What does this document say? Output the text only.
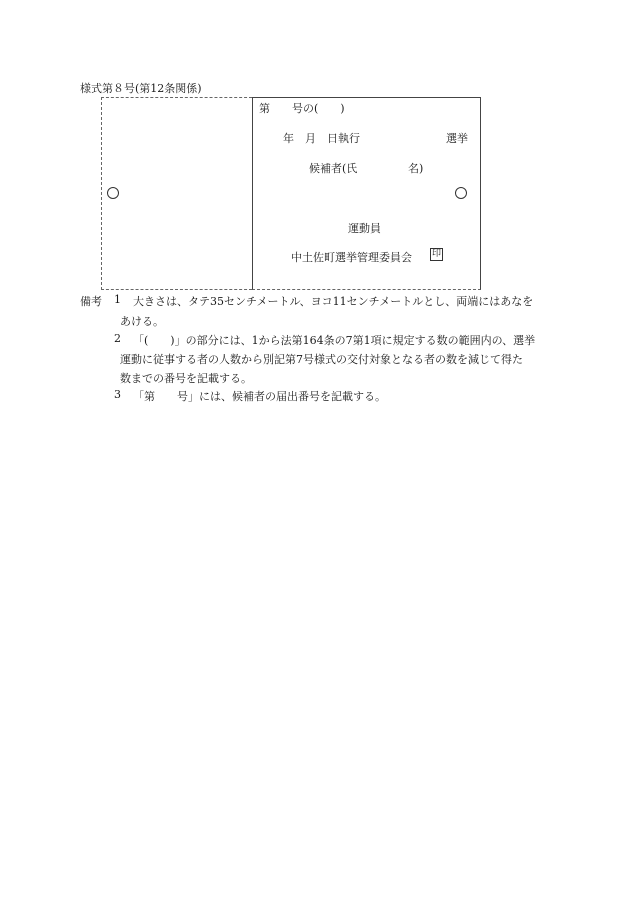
様式第８号(第12条関係)
第　　号の(　　)
年　月　日執行	選挙
候補者(氏	名)
運動員
中土佐町選挙管理委員会 印
備考 1 大きさは、タテ35センチメートル、ヨコ11センチメートルとし、両端にはあなを
あける。
2 「(　　)」の部分には、1から法第164条の7第1項に規定する数の範囲内の、選挙
運動に従事する者の人数から別記第7号様式の交付対象となる者の数を減じて得た
数までの番号を記載する。
3 「第　　号」には、候補者の届出番号を記載する。
